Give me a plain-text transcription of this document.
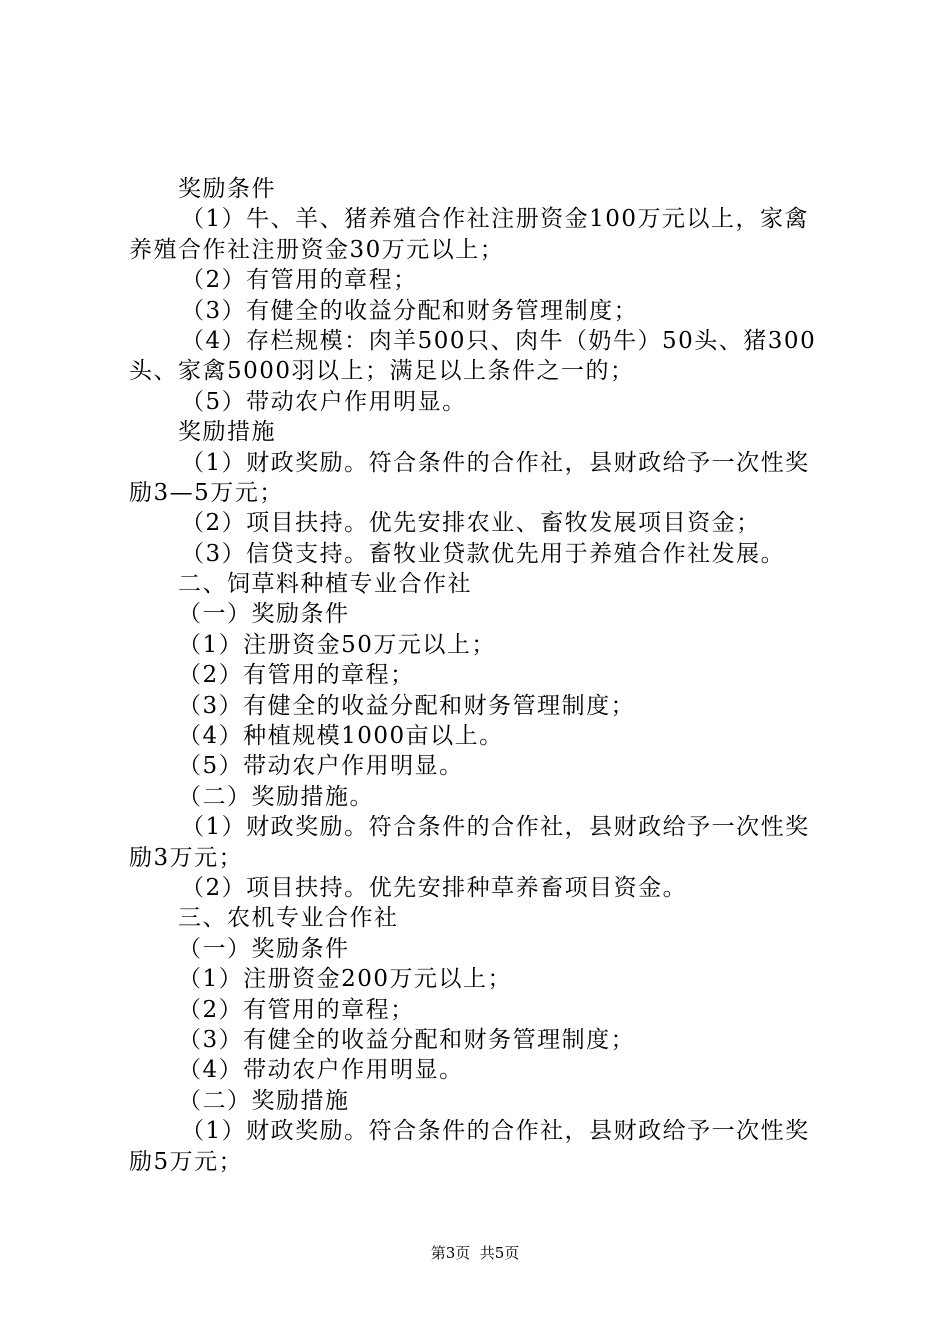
奖励条件
（1）牛、羊、猪养殖合作社注册资金100万元以上，家禽
养殖合作社注册资金30万元以上；
（2）有管用的章程；
（3）有健全的收益分配和财务管理制度；
（4）存栏规模：肉羊500只、肉牛（奶牛）50头、猪300
头、家禽5000羽以上；满足以上条件之一的；
（5）带动农户作用明显。
奖励措施
（1）财政奖励。符合条件的合作社，县财政给予一次性奖
励3—5万元；
（2）项目扶持。优先安排农业、畜牧发展项目资金；
（3）信贷支持。畜牧业贷款优先用于养殖合作社发展。
二、饲草料种植专业合作社
（一）奖励条件
（1）注册资金50万元以上；
（2）有管用的章程；
（3）有健全的收益分配和财务管理制度；
（4）种植规模1000亩以上。
（5）带动农户作用明显。
（二）奖励措施。
（1）财政奖励。符合条件的合作社，县财政给予一次性奖
励3万元；
（2）项目扶持。优先安排种草养畜项目资金。
三、农机专业合作社
（一）奖励条件
（1）注册资金200万元以上；
（2）有管用的章程；
（3）有健全的收益分配和财务管理制度；
（4）带动农户作用明显。
（二）奖励措施
（1）财政奖励。符合条件的合作社，县财政给予一次性奖
励5万元；
第3页  共5页
